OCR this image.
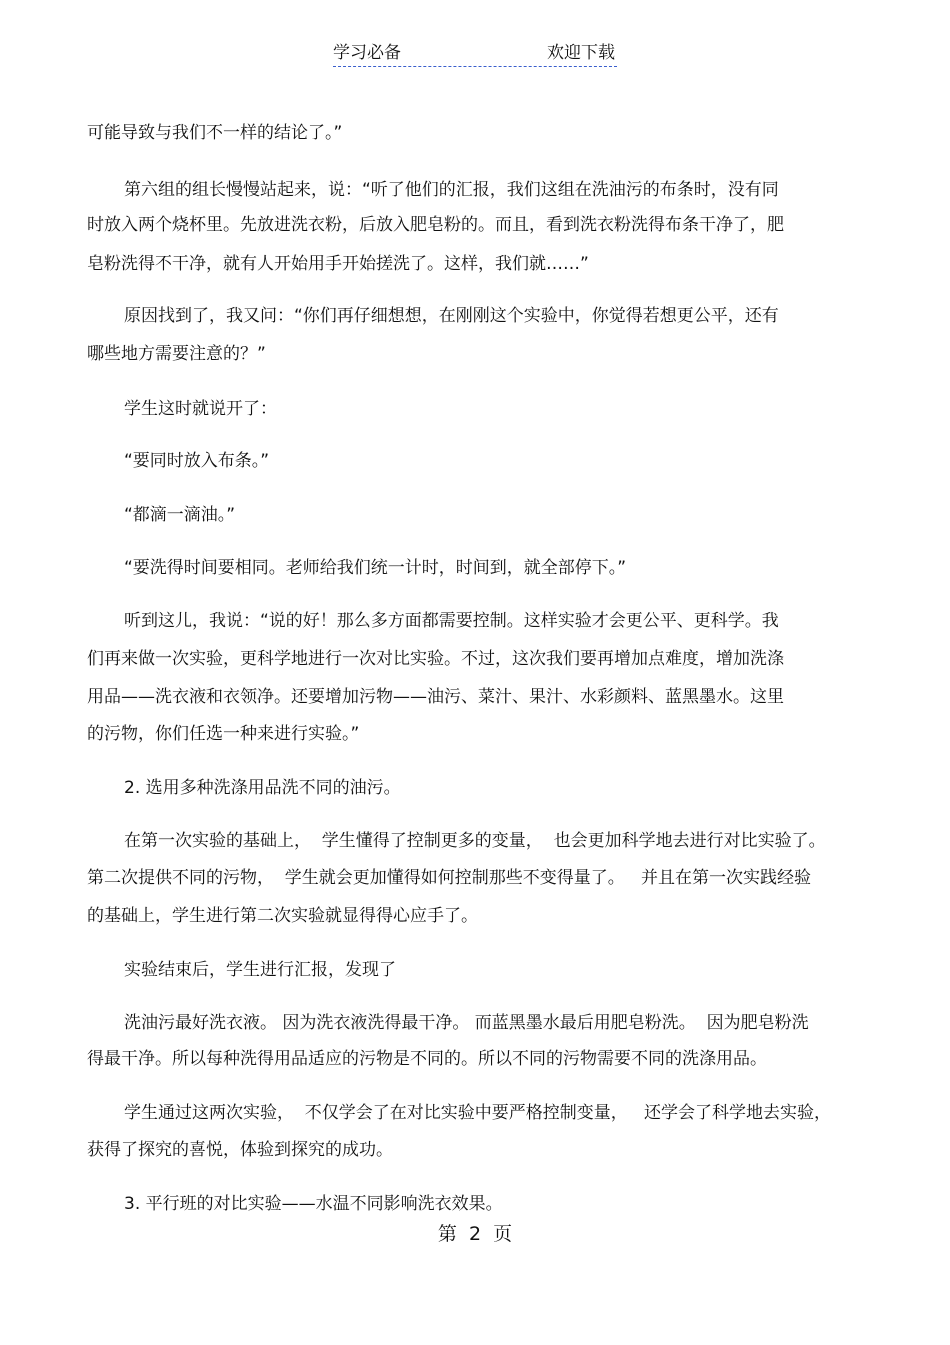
学习必备	欢迎下载
可能导致与我们不一样的结论了。”
第六组的组长慢慢站起来，说：“听了他们的汇报，我们这组在洗油污的布条时，没有同
时放入两个烧杯里。先放进洗衣粉，后放入肥皂粉的。而且，看到洗衣粉洗得布条干净了，肥
皂粉洗得不干净，就有人开始用手开始搓洗了。这样，我们就……”
原因找到了，我又问：“你们再仔细想想，在刚刚这个实验中，你觉得若想更公平，还有
哪些地方需要注意的？”
学生这时就说开了：
“要同时放入布条。”
“都滴一滴油。”
“要洗得时间要相同。老师给我们统一计时，时间到，就全部停下。”
听到这儿，我说：“说的好！那么多方面都需要控制。这样实验才会更公平、更科学。我
们再来做一次实验，更科学地进行一次对比实验。不过，这次我们要再增加点难度，增加洗涤
用品——洗衣液和衣领净。还要增加污物——油污、菜汁、果汁、水彩颜料、蓝黑墨水。这里
的污物，你们任选一种来进行实验。”
2. 选用多种洗涤用品洗不同的油污。
在第一次实验的基础上，  学生懂得了控制更多的变量，  也会更加科学地去进行对比实验了。
第二次提供不同的污物，  学生就会更加懂得如何控制那些不变得量了。   并且在第一次实践经验
的基础上，学生进行第二次实验就显得得心应手了。
实验结束后，学生进行汇报，发现了
洗油污最好洗衣液。 因为洗衣液洗得最干净。 而蓝黑墨水最后用肥皂粉洗。  因为肥皂粉洗
得最干净。所以每种洗得用品适应的污物是不同的。所以不同的污物需要不同的洗涤用品。
学生通过这两次实验，  不仅学会了在对比实验中要严格控制变量，   还学会了科学地去实验，
获得了探究的喜悦，体验到探究的成功。
3. 平行班的对比实验——水温不同影响洗衣效果。
第 2 页
